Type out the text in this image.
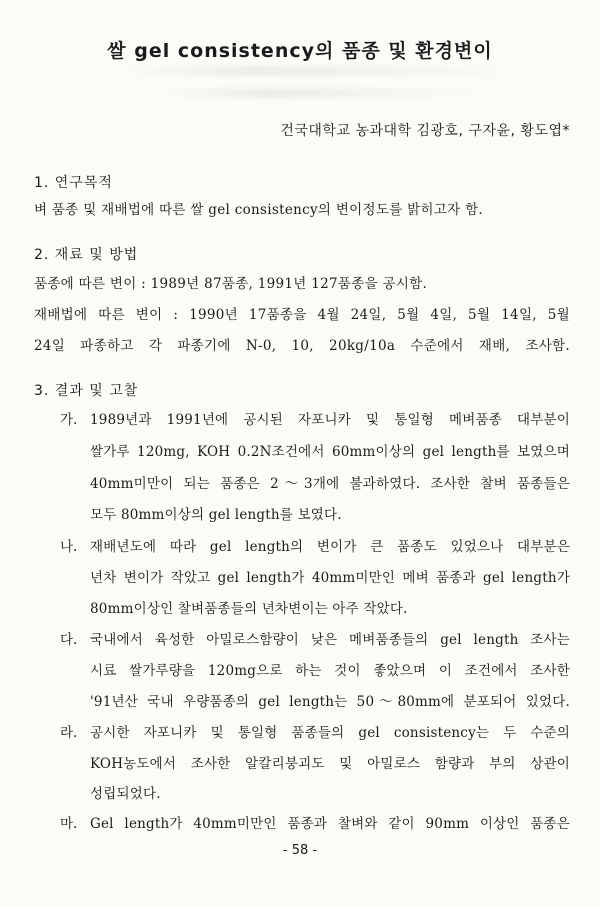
쌀 gel consistency의 품종 및 환경변이
건국대학교 농과대학 김광호, 구자윤, 황도엽*
1. 연구목적
벼 품종 및 재배법에 따른 쌀 gel consistency의 변이정도를 밝히고자 함.
2. 재료 및 방법
품종에 따른 변이 : 1989년 87품종, 1991년 127품종을 공시함.
재배법에 따른 변이 : 1990년 17품종을 4월 24일, 5월 4일, 5월 14일, 5월
24일 파종하고 각 파종기에 N-0, 10, 20kg/10a 수준에서 재배, 조사함.
3. 결과 및 고찰
가. 1989년과 1991년에 공시된 자포니카 및 통일형 메벼품종 대부분이
쌀가루 120mg, KOH 0.2N조건에서 60mm이상의 gel length를 보였으며
40mm미만이 되는 품종은 2～3개에 불과하였다. 조사한 찰벼 품종들은
모두 80mm이상의 gel length를 보였다.
나. 재배년도에 따라 gel length의 변이가 큰 품종도 있었으나 대부분은
년차 변이가 작았고 gel length가 40mm미만인 메벼 품종과 gel length가
80mm이상인 찰벼품종들의 년차변이는 아주 작았다.
다. 국내에서 육성한 아밀로스함량이 낮은 메벼품종들의 gel length 조사는
시료 쌀가루량을 120mg으로 하는 것이 좋았으며 이 조건에서 조사한
'91년산 국내 우량품종의 gel length는 50～80mm에 분포되어 있었다.
라. 공시한 자포니카 및 통일형 품종들의 gel consistency는 두 수준의
KOH농도에서 조사한 알칼리붕괴도 및 아밀로스 함량과 부의 상관이
성립되었다.
마. Gel length가 40mm미만인 품종과 찰벼와 같이 90mm 이상인 품종은
- 58 -
